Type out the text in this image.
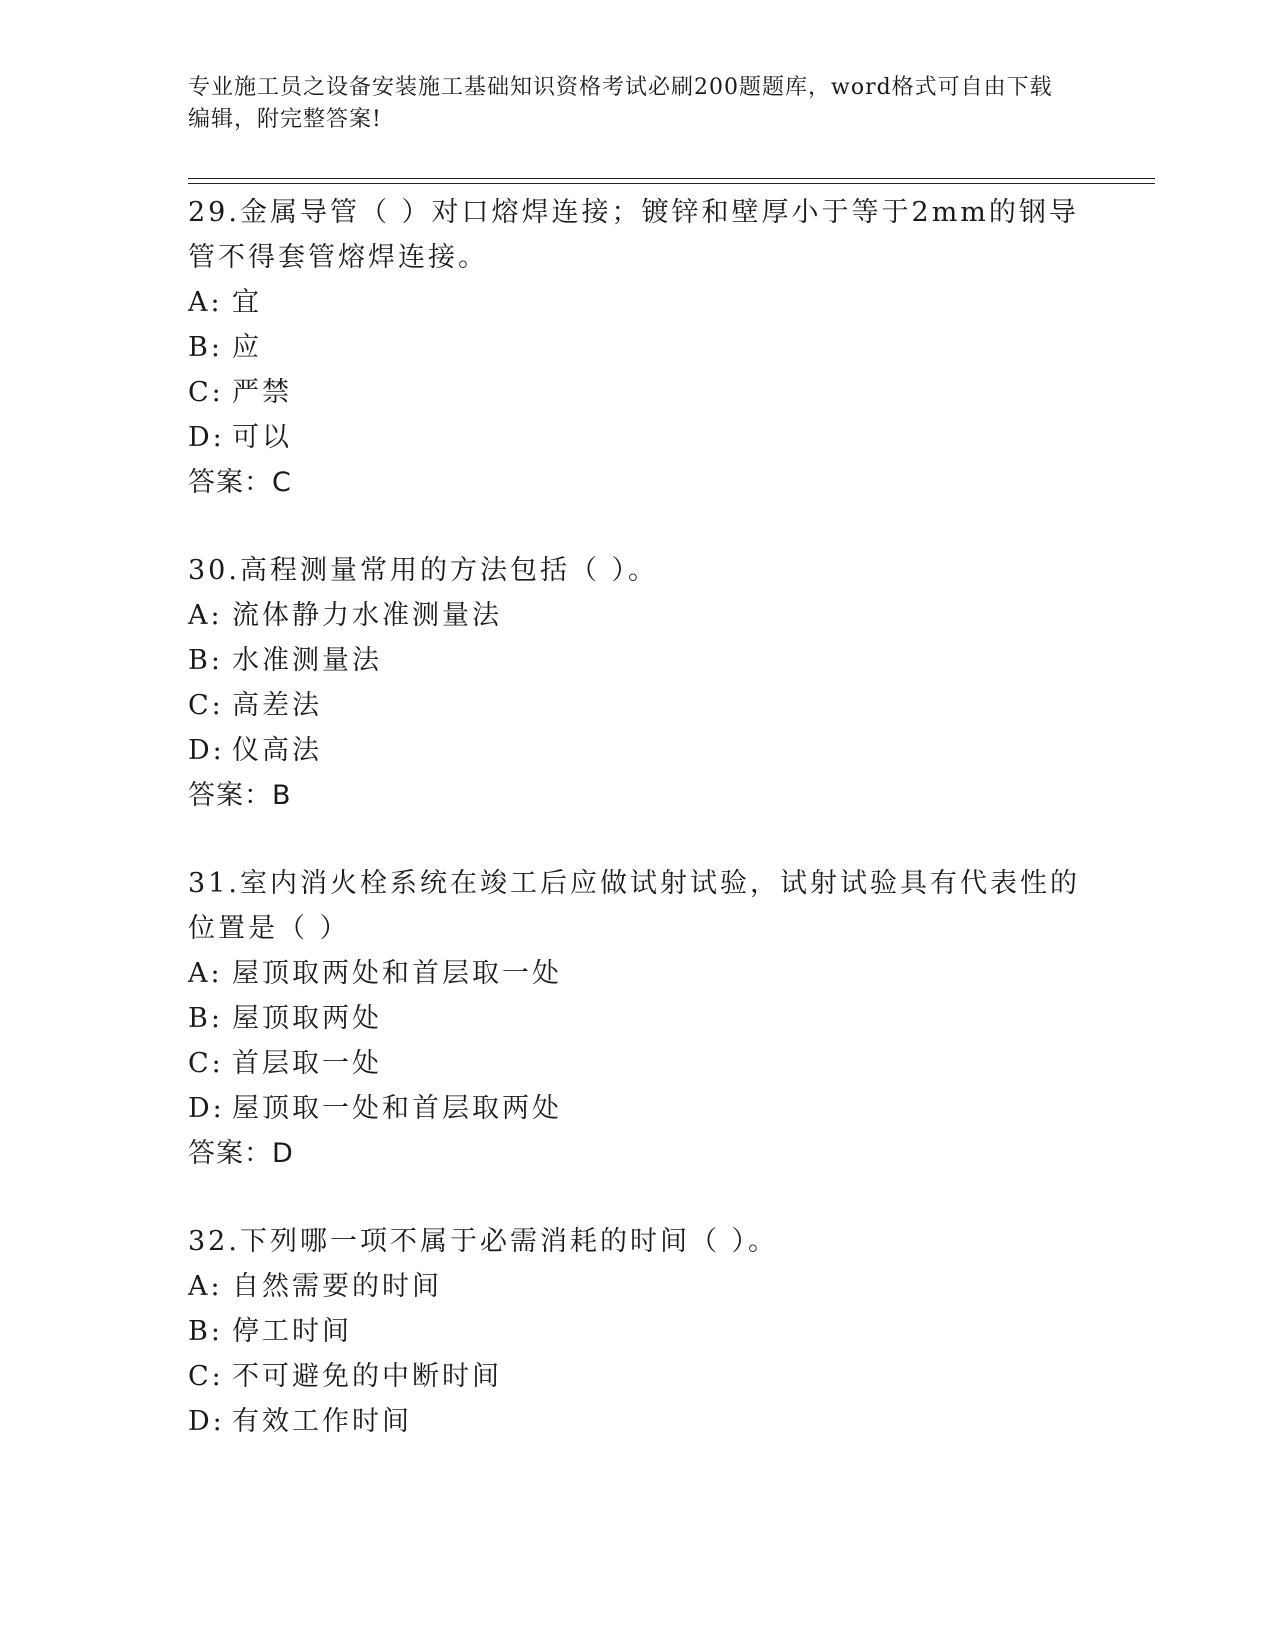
专业施工员之设备安装施工基础知识资格考试必刷200题题库，word格式可自由下载编辑，附完整答案!

29.金属导管（ ）对口熔焊连接；镀锌和壁厚小于等于2mm的钢导管不得套管熔焊连接。

A: 宜
B: 应
C: 严禁
D: 可以
答案：C

30.高程测量常用的方法包括（ ）。

A: 流体静力水准测量法
B: 水准测量法
C: 高差法
D: 仪高法
答案：B

31.室内消火栓系统在竣工后应做试射试验，试射试验具有代表性的位置是（ ）

A: 屋顶取两处和首层取一处
B: 屋顶取两处
C: 首层取一处
D: 屋顶取一处和首层取两处
答案：D

32.下列哪一项不属于必需消耗的时间（ ）。

A: 自然需要的时间
B: 停工时间
C: 不可避免的中断时间
D: 有效工作时间
